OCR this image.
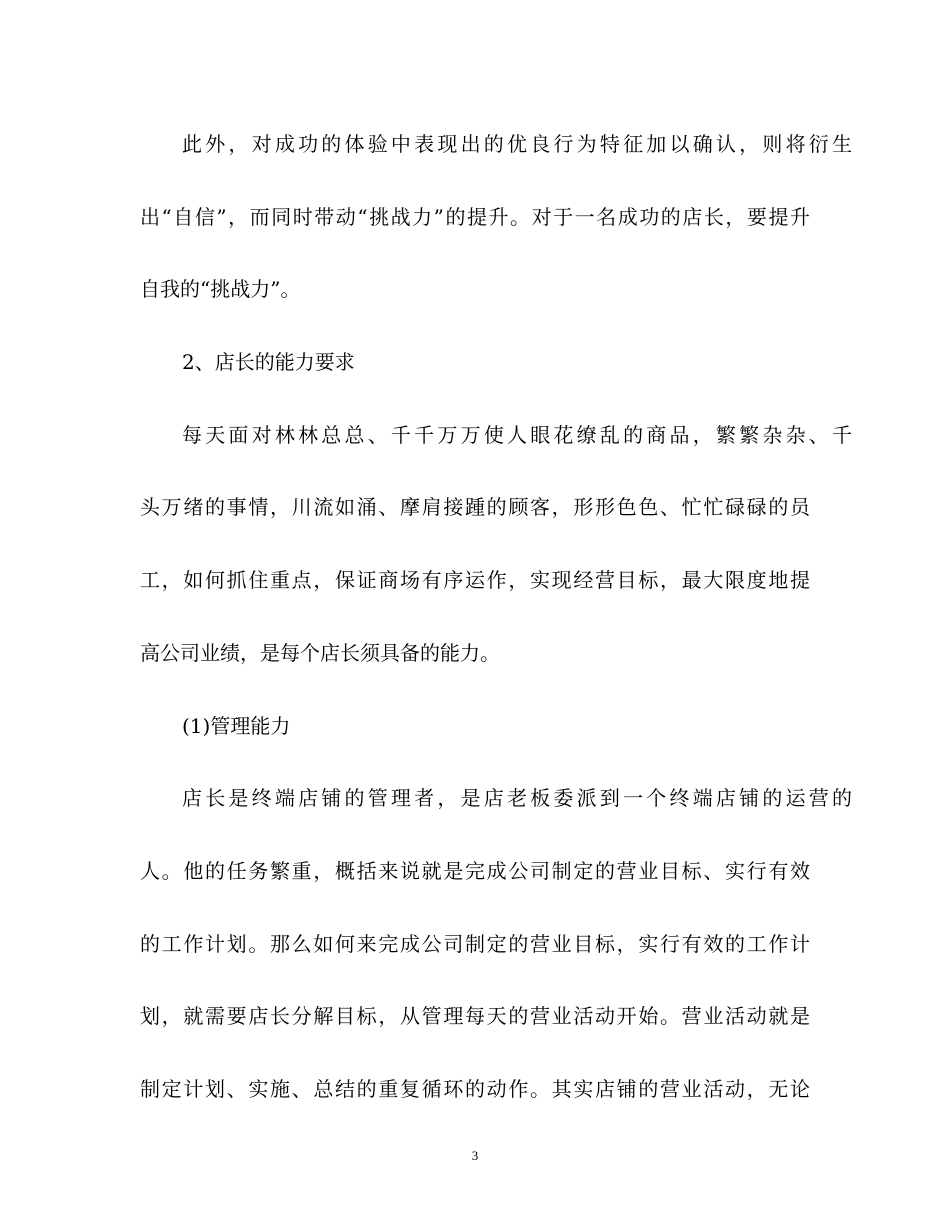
此外，对成功的体验中表现出的优良行为特征加以确认，则将衍生
出“自信”，而同时带动“挑战力”的提升。对于一名成功的店长，要提升
自我的“挑战力”。
2、店长的能力要求
每天面对林林总总、千千万万使人眼花缭乱的商品，繁繁杂杂、千
头万绪的事情，川流如涌、摩肩接踵的顾客，形形色色、忙忙碌碌的员
工，如何抓住重点，保证商场有序运作，实现经营目标，最大限度地提
高公司业绩，是每个店长须具备的能力。
(1)管理能力
店长是终端店铺的管理者，是店老板委派到一个终端店铺的运营的
人。他的任务繁重，概括来说就是完成公司制定的营业目标、实行有效
的工作计划。那么如何来完成公司制定的营业目标，实行有效的工作计
划，就需要店长分解目标，从管理每天的营业活动开始。营业活动就是
制定计划、实施、总结的重复循环的动作。其实店铺的营业活动，无论
3
